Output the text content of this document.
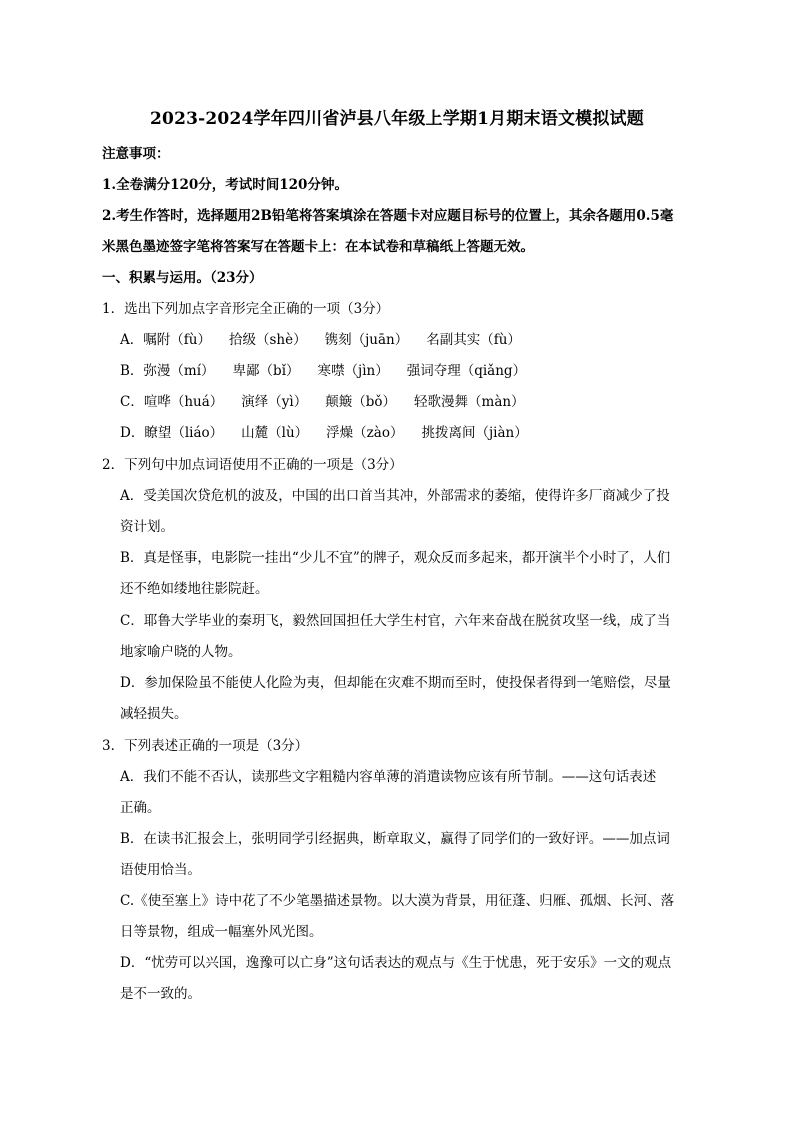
2023-2024学年四川省泸县八年级上学期1月期末语文模拟试题
注意事项：
1.全卷满分120分，考试时间120分钟。
2.考生作答时，选择题用2B铅笔将答案填涂在答题卡对应题目标号的位置上，其余各题用0.5毫
米黑色墨迹签字笔将答案写在答题卡上：在本试卷和草稿纸上答题无效。
一、积累与运用。（23分）
1．选出下列加点字音形完全正确的一项（3分）
A．嘱附（fù） 拾级（shè） 镌刻（juān） 名副其实（fù）
B．弥漫（mí） 卑鄙（bǐ） 寒噤（jìn） 强词夺理（qiǎng）
C．喧哗（huá） 演绎（yì） 颠簸（bǒ） 轻歌漫舞（màn）
D．瞭望（liáo） 山麓（lù） 浮燥（zào） 挑拨离间（jiàn）
2．下列句中加点词语使用不正确的一项是（3分）
A．受美国次贷危机的波及，中国的出口首当其冲，外部需求的萎缩，使得许多厂商减少了投
资计划。
B．真是怪事，电影院一挂出“少儿不宜”的牌子，观众反而多起来，都开演半个小时了，人们
还不绝如缕地往影院赶。
C．耶鲁大学毕业的秦玥飞，毅然回国担任大学生村官，六年来奋战在脱贫攻坚一线，成了当
地家喻户晓的人物。
D．参加保险虽不能使人化险为夷，但却能在灾难不期而至时，使投保者得到一笔赔偿，尽量
减轻损失。
3．下列表述正确的一项是（3分）
A．我们不能不否认，读那些文字粗糙内容单薄的消遣读物应该有所节制。——这句话表述
正确。
B．在读书汇报会上，张明同学引经据典，断章取义，赢得了同学们的一致好评。——加点词
语使用恰当。
C.《使至塞上》诗中花了不少笔墨描述景物。以大漠为背景，用征蓬、归雁、孤烟、长河、落
日等景物，组成一幅塞外风光图。
D．“忧劳可以兴国，逸豫可以亡身”这句话表达的观点与《生于忧患，死于安乐》一文的观点
是不一致的。
